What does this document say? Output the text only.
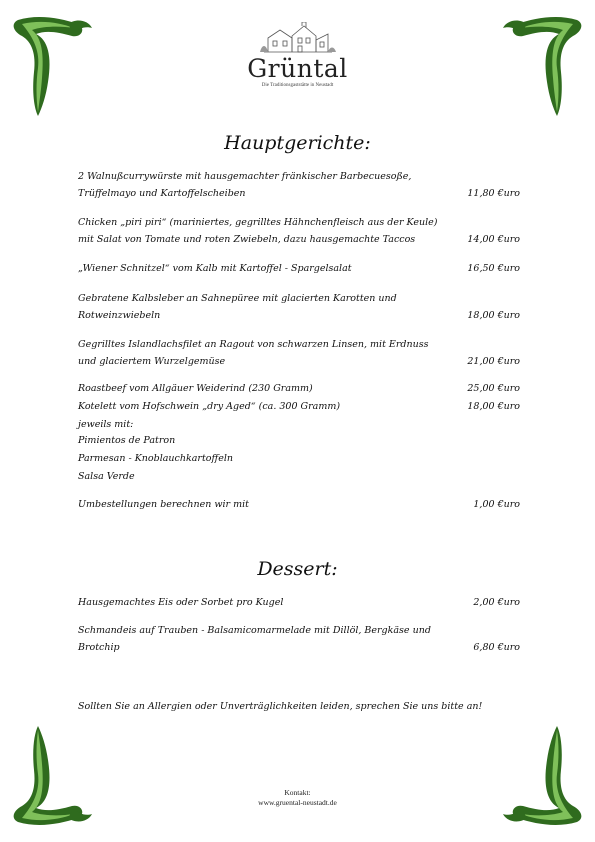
Grüntal
Die Traditionsgaststätte in Neustadt
Hauptgerichte:
2 Walnußcurrywürste mit hausgemachter fränkischer Barbecuesoße, Trüffelmayo und Kartoffelscheiben	11,80 €uro
Chicken „piri piri“ (mariniertes, gegrilltes Hähnchenfleisch aus der Keule) mit Salat von Tomate und roten Zwiebeln, dazu hausgemachte Taccos	14,00 €uro
„Wiener Schnitzel“ vom Kalb mit Kartoffel - Spargelsalat	16,50 €uro
Gebratene Kalbsleber an Sahnepüree mit glacierten Karotten und Rotweinzwiebeln	18,00 €uro
Gegrilltes Islandlachsfilet an Ragout von schwarzen Linsen, mit Erdnuss und glaciertem Wurzelgemüse	21,00 €uro
Roastbeef vom Allgäuer Weiderind (230 Gramm)	25,00 €uro
Kotelett vom Hofschwein „dry Aged“ (ca. 300 Gramm)	18,00 €uro
jeweils mit:
Pimientos de Patron
Parmesan - Knoblauchkartoffeln
Salsa Verde
Umbestellungen berechnen wir mit	1,00 €uro
Dessert:
Hausgemachtes Eis oder Sorbet pro Kugel	2,00 €uro
Schmandeis auf Trauben - Balsamicomarmelade mit Dillöl, Bergkäse und Brotchip	6,80 €uro
Sollten Sie an Allergien oder Unverträglichkeiten leiden, sprechen Sie uns bitte an!
Kontakt:
www.gruental-neustadt.de
